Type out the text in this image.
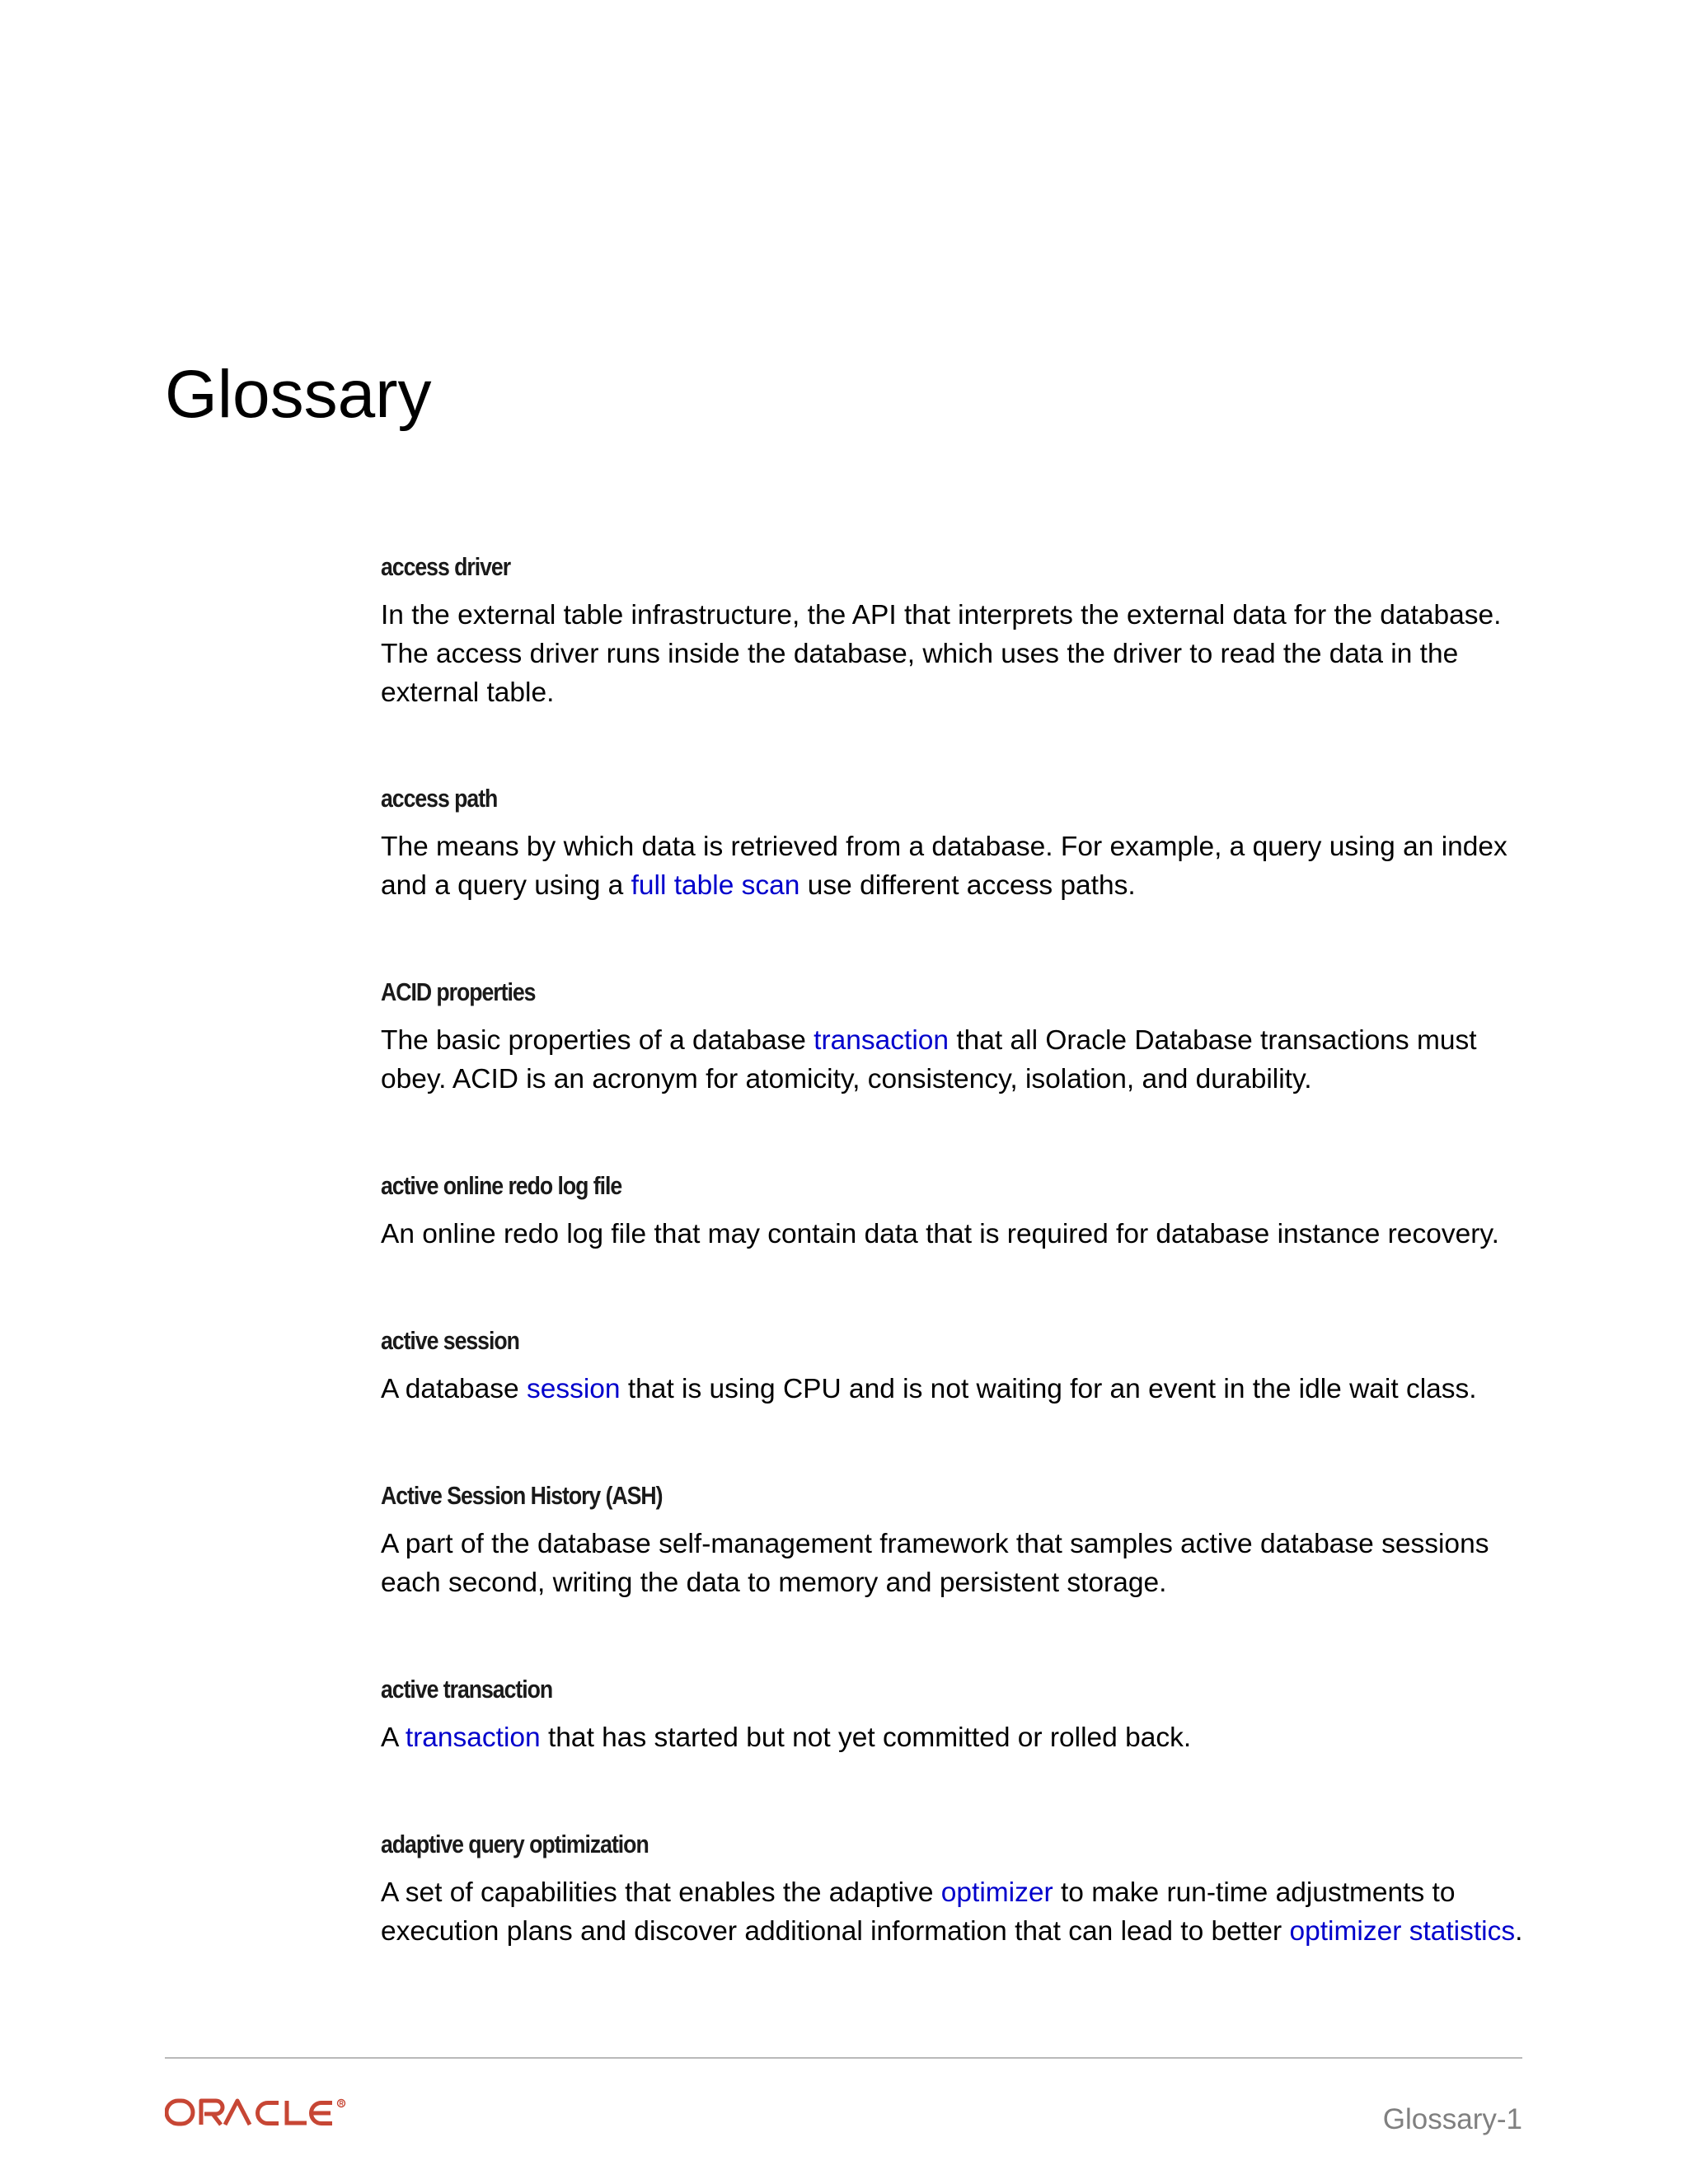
Glossary
access driver
In the external table infrastructure, the API that interprets the external data for the database. The access driver runs inside the database, which uses the driver to read the data in the external table.
access path
The means by which data is retrieved from a database. For example, a query using an index and a query using a full table scan use different access paths.
ACID properties
The basic properties of a database transaction that all Oracle Database transactions must obey. ACID is an acronym for atomicity, consistency, isolation, and durability.
active online redo log file
An online redo log file that may contain data that is required for database instance recovery.
active session
A database session that is using CPU and is not waiting for an event in the idle wait class.
Active Session History (ASH)
A part of the database self-management framework that samples active database sessions each second, writing the data to memory and persistent storage.
active transaction
A transaction that has started but not yet committed or rolled back.
adaptive query optimization
A set of capabilities that enables the adaptive optimizer to make run-time adjustments to execution plans and discover additional information that can lead to better optimizer statistics.
Glossary-1
